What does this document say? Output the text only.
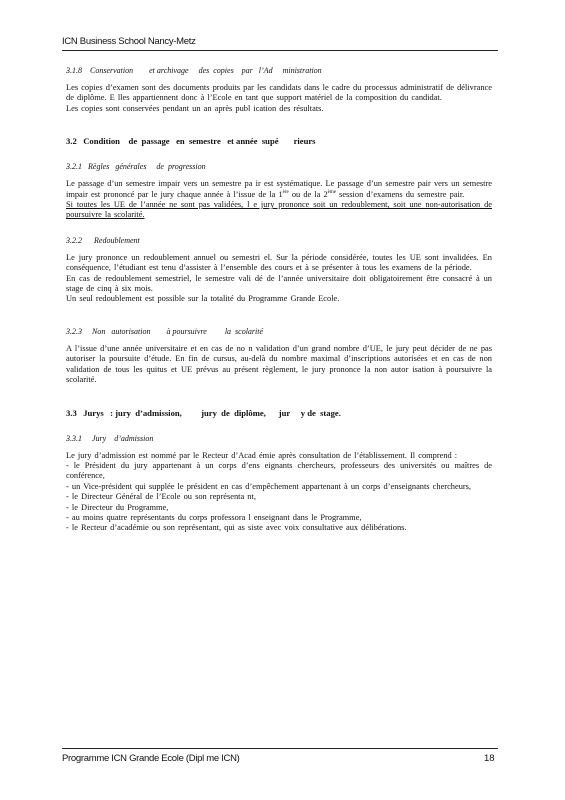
ICN Business School Nancy-Metz
3.1.8    Conservation        et archivage     des  copies    par   l’Ad     ministration

Les copies d’examen sont des documents produits par les candidats dans le cadre du processus administratif de délivrance de diplôme. E lles appartiennent donc à l’Ecole en tant que support matériel de la composition du candidat.

Les copies sont conservées pendant un an après publ ication des résultats.

3.2   Condition    de  passage   en  semestre   et année  supé       rieurs
3.2.1   Règles   générales     de  progression

Le passage d’un semestre impair vers un semestre pa ir est systématique. Le passage d’un semestre pair vers un semestre impair est prononcé par le jury chaque année à l’issue de la 1ère ou de la 2ème session d’examens du semestre pair.

Si toutes les UE de l’année ne sont pas validées, l e jury prononce soit un redoublement, soit une non-autorisation de poursuivre la scolarité.

3.2.2      Redoublement

Le jury prononce un redoublement annuel ou semestri el. Sur la période considérée, toutes les UE sont invalidées. En conséquence, l’étudiant est tenu d’assister à l’ensemble des cours et à se présenter à tous les examens de la période.

En cas de redoublement semestriel, le semestre vali dé de l’année universitaire doit obligatoirement être consacré à un stage de cinq à six mois.

Un seul redoublement est possible sur la totalité du Programme Grande Ecole.

3.2.3     Non   autorisation        à poursuivre         la  scolarité

A l’issue d’une année universitaire et en cas de no n validation d’un grand nombre d’UE, le jury peut décider de ne pas autoriser la poursuite d’étude. En fin de cursus, au-delà du nombre maximal d’inscriptions autorisées et en cas de non validation de tous les quitus et UE prévus au présent règlement, le jury prononce la non autor isation à poursuivre la scolarité.

3.3   Jurys   : jury  d’admission,         jury  de  diplôme,      jur     y de  stage.
3.3.1     Jury    d’admission

Le jury d’admission est nommé par le Recteur d’Acad émie après consultation de l’établissement. Il comprend :

- le Président du jury appartenant à un corps d’ens eignants chercheurs, professeurs des universités ou maîtres de conférence,

- un Vice-président qui supplée le président en cas d’empêchement appartenant à un corps d’enseignants chercheurs,

- le Directeur Général de l’Ecole ou son représenta nt,

- le Directeur du Programme,

- au moins quatre représentants du corps professora l enseignant dans le Programme,

- le Recteur d’académie ou son représentant, qui as siste avec voix consultative aux délibérations.

Programme ICN Grande Ecole (Dipl me ICN)	18
